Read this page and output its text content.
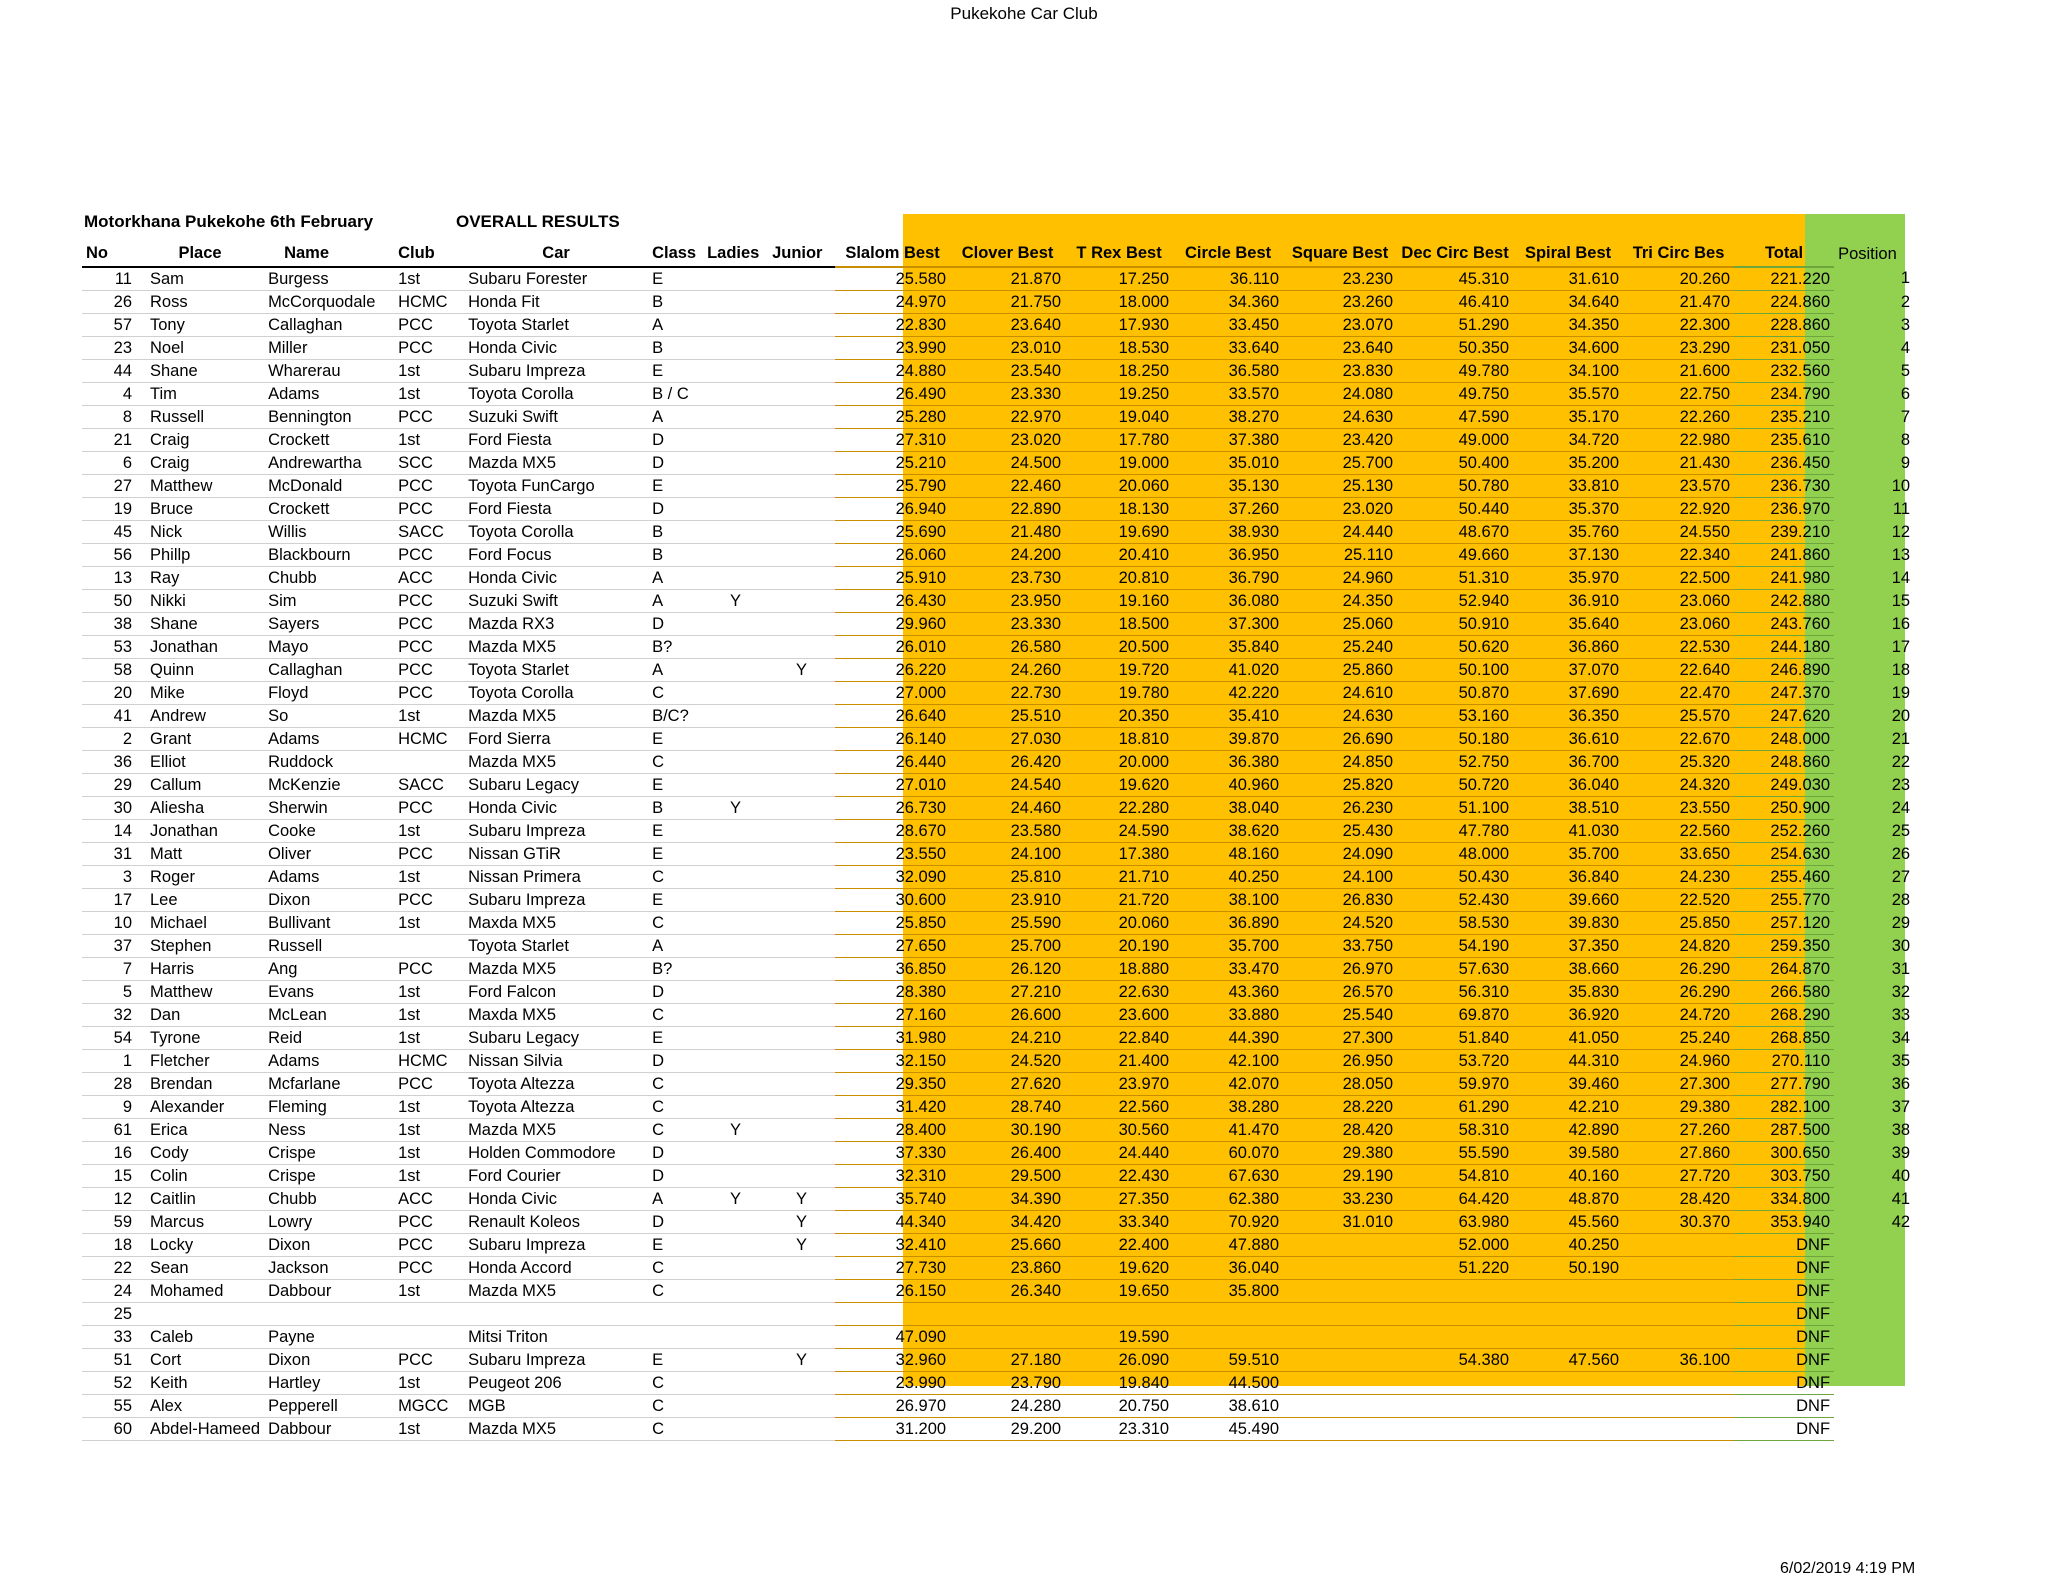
Pukekohe Car Club
Motorkhana Pukekohe 6th February	OVERALL RESULTS
No	Place	Name	Club	Car	Class	Ladies	Junior	Slalom Best	Clover Best	T Rex Best	Circle Best	Square Best	Dec Circ Best	Spiral Best	Tri Circ Bes	Total	Position
11	Sam	Burgess	1st	Subaru Forester	E			25.580	21.870	17.250	36.110	23.230	45.310	31.610	20.260	221.220	1
26	Ross	McCorquodale	HCMC	Honda Fit	B			24.970	21.750	18.000	34.360	23.260	46.410	34.640	21.470	224.860	2
57	Tony	Callaghan	PCC	Toyota Starlet	A			22.830	23.640	17.930	33.450	23.070	51.290	34.350	22.300	228.860	3
23	Noel	Miller	PCC	Honda Civic	B			23.990	23.010	18.530	33.640	23.640	50.350	34.600	23.290	231.050	4
44	Shane	Wharerau	1st	Subaru Impreza	E			24.880	23.540	18.250	36.580	23.830	49.780	34.100	21.600	232.560	5
4	Tim	Adams	1st	Toyota Corolla	B / C			26.490	23.330	19.250	33.570	24.080	49.750	35.570	22.750	234.790	6
8	Russell	Bennington	PCC	Suzuki Swift	A			25.280	22.970	19.040	38.270	24.630	47.590	35.170	22.260	235.210	7
21	Craig	Crockett	1st	Ford Fiesta	D			27.310	23.020	17.780	37.380	23.420	49.000	34.720	22.980	235.610	8
6	Craig	Andrewartha	SCC	Mazda MX5	D			25.210	24.500	19.000	35.010	25.700	50.400	35.200	21.430	236.450	9
27	Matthew	McDonald	PCC	Toyota FunCargo	E			25.790	22.460	20.060	35.130	25.130	50.780	33.810	23.570	236.730	10
19	Bruce	Crockett	PCC	Ford Fiesta	D			26.940	22.890	18.130	37.260	23.020	50.440	35.370	22.920	236.970	11
45	Nick	Willis	SACC	Toyota Corolla	B			25.690	21.480	19.690	38.930	24.440	48.670	35.760	24.550	239.210	12
56	Phillp	Blackbourn	PCC	Ford Focus	B			26.060	24.200	20.410	36.950	25.110	49.660	37.130	22.340	241.860	13
13	Ray	Chubb	ACC	Honda Civic	A			25.910	23.730	20.810	36.790	24.960	51.310	35.970	22.500	241.980	14
50	Nikki	Sim	PCC	Suzuki Swift	A	Y		26.430	23.950	19.160	36.080	24.350	52.940	36.910	23.060	242.880	15
38	Shane	Sayers	PCC	Mazda RX3	D			29.960	23.330	18.500	37.300	25.060	50.910	35.640	23.060	243.760	16
53	Jonathan	Mayo	PCC	Mazda MX5	B?			26.010	26.580	20.500	35.840	25.240	50.620	36.860	22.530	244.180	17
58	Quinn	Callaghan	PCC	Toyota Starlet	A		Y	26.220	24.260	19.720	41.020	25.860	50.100	37.070	22.640	246.890	18
20	Mike	Floyd	PCC	Toyota Corolla	C			27.000	22.730	19.780	42.220	24.610	50.870	37.690	22.470	247.370	19
41	Andrew	So	1st	Mazda MX5	B/C?			26.640	25.510	20.350	35.410	24.630	53.160	36.350	25.570	247.620	20
2	Grant	Adams	HCMC	Ford Sierra	E			26.140	27.030	18.810	39.870	26.690	50.180	36.610	22.670	248.000	21
36	Elliot	Ruddock		Mazda MX5	C			26.440	26.420	20.000	36.380	24.850	52.750	36.700	25.320	248.860	22
29	Callum	McKenzie	SACC	Subaru Legacy	E			27.010	24.540	19.620	40.960	25.820	50.720	36.040	24.320	249.030	23
30	Aliesha	Sherwin	PCC	Honda Civic	B	Y		26.730	24.460	22.280	38.040	26.230	51.100	38.510	23.550	250.900	24
14	Jonathan	Cooke	1st	Subaru Impreza	E			28.670	23.580	24.590	38.620	25.430	47.780	41.030	22.560	252.260	25
31	Matt	Oliver	PCC	Nissan GTiR	E			23.550	24.100	17.380	48.160	24.090	48.000	35.700	33.650	254.630	26
3	Roger	Adams	1st	Nissan Primera	C			32.090	25.810	21.710	40.250	24.100	50.430	36.840	24.230	255.460	27
17	Lee	Dixon	PCC	Subaru Impreza	E			30.600	23.910	21.720	38.100	26.830	52.430	39.660	22.520	255.770	28
10	Michael	Bullivant	1st	Maxda MX5	C			25.850	25.590	20.060	36.890	24.520	58.530	39.830	25.850	257.120	29
37	Stephen	Russell		Toyota Starlet	A			27.650	25.700	20.190	35.700	33.750	54.190	37.350	24.820	259.350	30
7	Harris	Ang	PCC	Mazda MX5	B?			36.850	26.120	18.880	33.470	26.970	57.630	38.660	26.290	264.870	31
5	Matthew	Evans	1st	Ford Falcon	D			28.380	27.210	22.630	43.360	26.570	56.310	35.830	26.290	266.580	32
32	Dan	McLean	1st	Maxda MX5	C			27.160	26.600	23.600	33.880	25.540	69.870	36.920	24.720	268.290	33
54	Tyrone	Reid	1st	Subaru Legacy	E			31.980	24.210	22.840	44.390	27.300	51.840	41.050	25.240	268.850	34
1	Fletcher	Adams	HCMC	Nissan Silvia	D			32.150	24.520	21.400	42.100	26.950	53.720	44.310	24.960	270.110	35
28	Brendan	Mcfarlane	PCC	Toyota Altezza	C			29.350	27.620	23.970	42.070	28.050	59.970	39.460	27.300	277.790	36
9	Alexander	Fleming	1st	Toyota Altezza	C			31.420	28.740	22.560	38.280	28.220	61.290	42.210	29.380	282.100	37
61	Erica	Ness	1st	Mazda MX5	C	Y		28.400	30.190	30.560	41.470	28.420	58.310	42.890	27.260	287.500	38
16	Cody	Crispe	1st	Holden Commodore	D			37.330	26.400	24.440	60.070	29.380	55.590	39.580	27.860	300.650	39
15	Colin	Crispe	1st	Ford Courier	D			32.310	29.500	22.430	67.630	29.190	54.810	40.160	27.720	303.750	40
12	Caitlin	Chubb	ACC	Honda Civic	A	Y	Y	35.740	34.390	27.350	62.380	33.230	64.420	48.870	28.420	334.800	41
59	Marcus	Lowry	PCC	Renault Koleos	D		Y	44.340	34.420	33.340	70.920	31.010	63.980	45.560	30.370	353.940	42
18	Locky	Dixon	PCC	Subaru Impreza	E		Y	32.410	25.660	22.400	47.880		52.000	40.250		DNF	
22	Sean	Jackson	PCC	Honda Accord	C			27.730	23.860	19.620	36.040		51.220	50.190		DNF	
24	Mohamed	Dabbour	1st	Mazda MX5	C			26.150	26.340	19.650	35.800					DNF	
25																DNF	
33	Caleb	Payne		Mitsi Triton				47.090		19.590						DNF	
51	Cort	Dixon	PCC	Subaru Impreza	E		Y	32.960	27.180	26.090	59.510		54.380	47.560	36.100	DNF	
52	Keith	Hartley	1st	Peugeot 206	C			23.990	23.790	19.840	44.500					DNF	
55	Alex	Pepperell	MGCC	MGB	C			26.970	24.280	20.750	38.610					DNF	
60	Abdel-Hameed	Dabbour	1st	Mazda MX5	C			31.200	29.200	23.310	45.490					DNF	
6/02/2019 4:19 PM
